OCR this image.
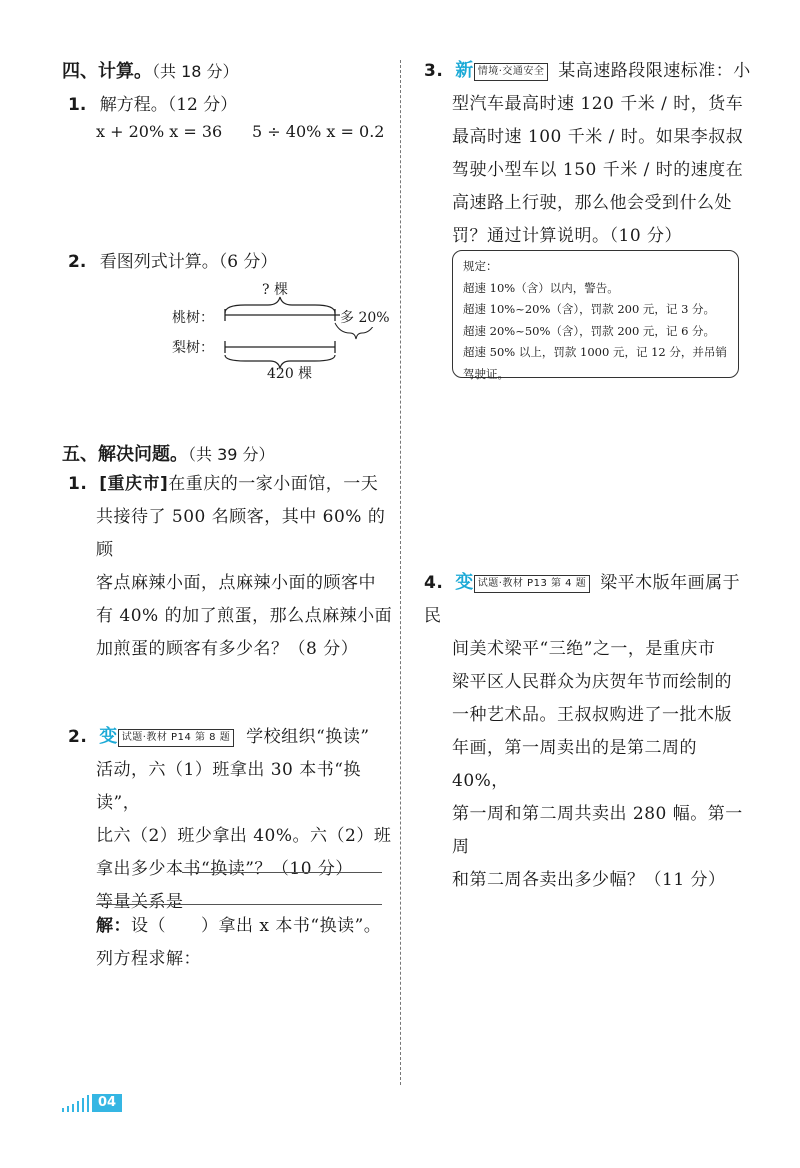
四、计算。（共 18 分）
1. 解方程。（12 分）
x + 20% x = 36 5 ÷ 40% x = 0.2
2. 看图列式计算。（6 分）
? 棵
桃树：
梨树：
多 20%
420 棵
五、解决问题。（共 39 分）
1. [重庆市]在重庆的一家小面馆，一天
共接待了 500 名顾客，其中 60% 的顾
客点麻辣小面，点麻辣小面的顾客中
有 40% 的加了煎蛋，那么点麻辣小面
加煎蛋的顾客有多少名？（8 分）
2. 变 试题·教材 P14 第 8 题 学校组织“换读”
活动，六（1）班拿出 30 本书“换读”，
比六（2）班少拿出 40%。六（2）班
拿出多少本书“换读”？（10 分）
等量关系是
解：设（　　）拿出 x 本书“换读”。
列方程求解：
3. 新 情境·交通安全 某高速路段限速标准：小
型汽车最高时速 120 千米 / 时，货车
最高时速 100 千米 / 时。如果李叔叔
驾驶小型车以 150 千米 / 时的速度在
高速路上行驶，那么他会受到什么处
罚？通过计算说明。（10 分）
规定：
超速 10%（含）以内，警告。
超速 10%~20%（含），罚款 200 元，记 3 分。
超速 20%~50%（含），罚款 200 元，记 6 分。
超速 50% 以上，罚款 1000 元，记 12 分，并吊销
驾驶证。
4. 变 试题·教材 P13 第 4 题 梁平木版年画属于民
间美术梁平“三绝”之一，是重庆市
梁平区人民群众为庆贺年节而绘制的
一种艺术品。王叔叔购进了一批木版
年画，第一周卖出的是第二周的 40%，
第一周和第二周共卖出 280 幅。第一周
和第二周各卖出多少幅？（11 分）
04
